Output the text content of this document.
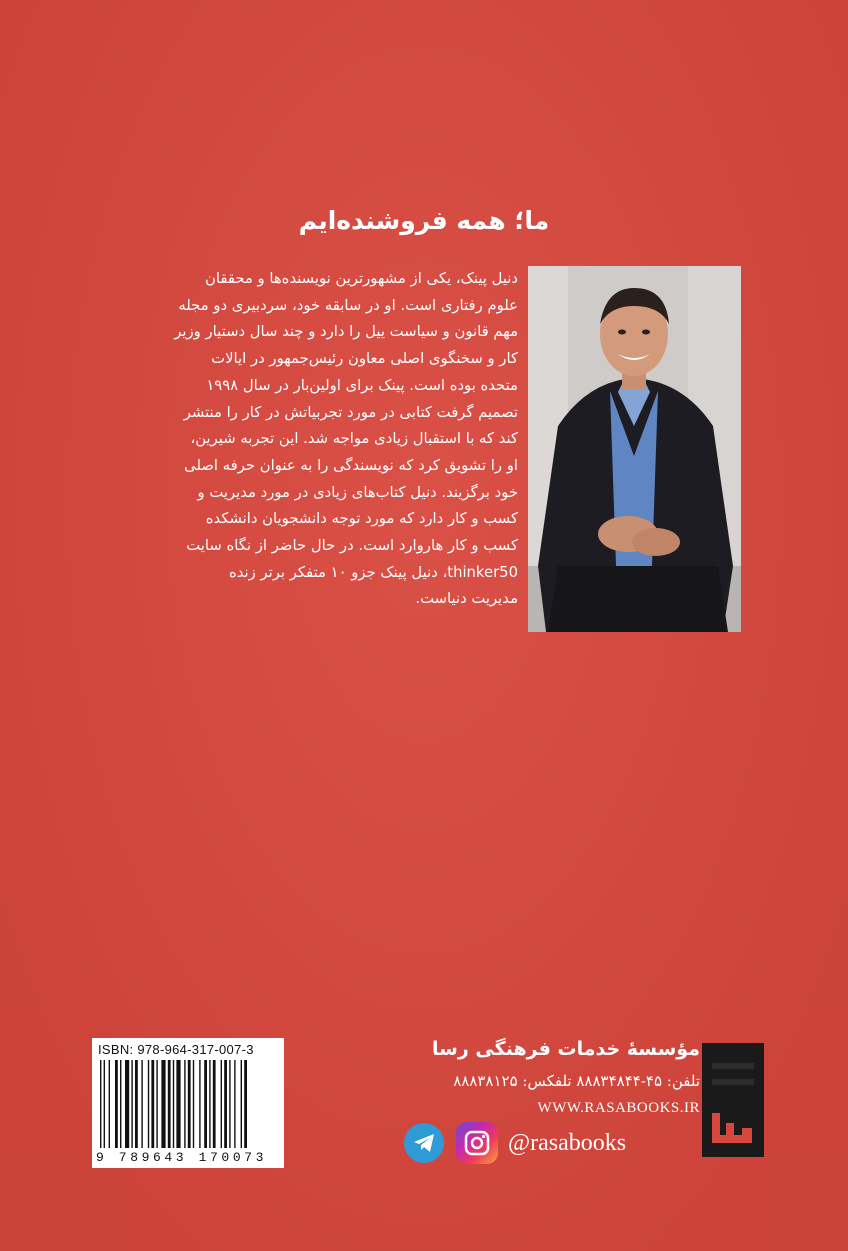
ما؛ همه فروشنده‌ایم
دنیل پینک، یکی از مشهورترین نویسنده‌ها و محققان
علوم رفتاری است. او در سابقه خود، سردبیری دو مجله
مهم قانون و سیاست ییل را دارد و چند سال دستیار وزیر
کار و سخنگوی اصلی معاون رئیس‌جمهور در ایالات
متحده بوده است. پینک برای اولین‌بار در سال ۱۹۹۸
تصمیم گرفت کتابی در مورد تجربیاتش در کار را منتشر
کند که با استقبال زیادی مواجه شد. این تجربه شیرین،
او را تشویق کرد که نویسندگی را به عنوان حرفه اصلی
خود برگزیند. دنیل کتاب‌های زیادی در مورد مدیریت و
کسب و کار دارد که مورد توجه دانشجویان دانشکده
کسب و کار هاروارد است. در حال حاضر از نگاه سایت
thinker50، دنیل پینک جزو ۱۰ متفکر برتر زنده
مدیریت دنیاست.
ISBN: 978-964-317-007-3
9 789643 170073
مؤسسهٔ خدمات فرهنگی رسا
تلفن: ۴۵-۸۸۸۳۴۸۴۴ تلفکس: ۸۸۸۳۸۱۲۵
WWW.RASABOOKS.IR
@rasabooks
